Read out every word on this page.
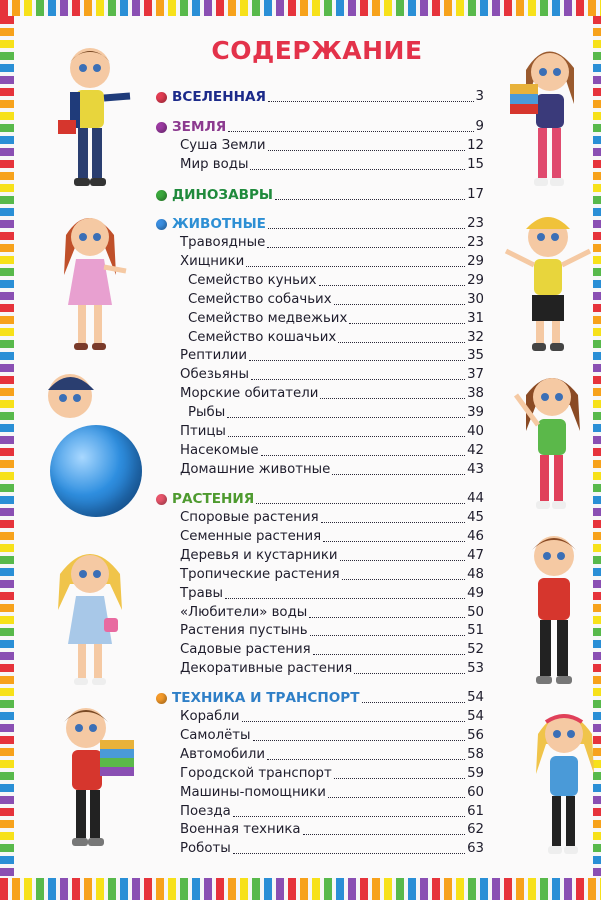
СОДЕРЖАНИЕ
ВСЕЛЕННАЯ	3
ЗЕМЛЯ	9
Суша Земли	12
Мир воды	15
ДИНОЗАВРЫ	17
ЖИВОТНЫЕ	23
Травоядные	23
Хищники	29
Семейство куньих	29
Семейство собачьих	30
Семейство медвежьих	31
Семейство кошачьих	32
Рептилии	35
Обезьяны	37
Морские обитатели	38
Рыбы	39
Птицы	40
Насекомые	42
Домашние животные	43
РАСТЕНИЯ	44
Споровые растения	45
Семенные растения	46
Деревья и кустарники	47
Тропические растения	48
Травы	49
«Любители» воды	50
Растения пустынь	51
Садовые растения	52
Декоративные растения	53
ТЕХНИКА И ТРАНСПОРТ	54
Корабли	54
Самолёты	56
Автомобили	58
Городской транспорт	59
Машины-помощники	60
Поезда	61
Военная техника	62
Роботы	63
